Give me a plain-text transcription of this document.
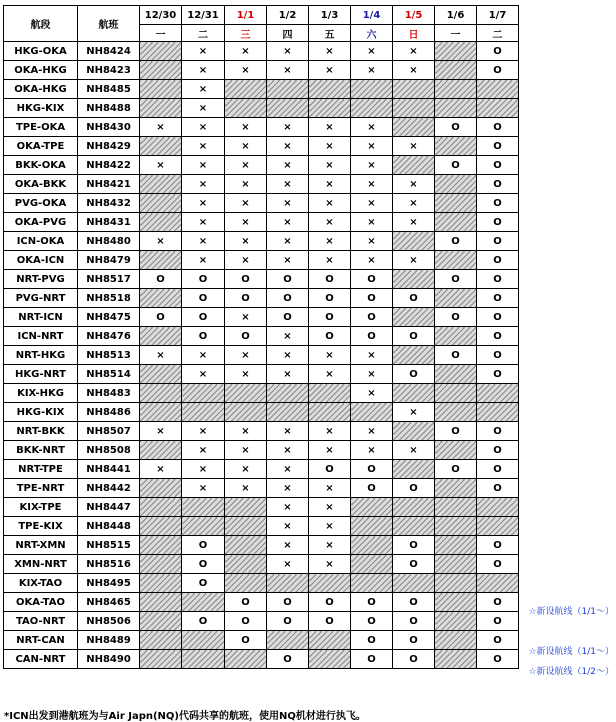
航段	航班	12/30	12/31	1/1	1/2	1/3	1/4	1/5	1/6	1/7
		一	二	三	四	五	六	日	一	二
HKG-OKA	NH8424		×	×	×	×	×	×		O
OKA-HKG	NH8423		×	×	×	×	×	×		O
OKA-HKG	NH8485		×							
HKG-KIX	NH8488		×							
TPE-OKA	NH8430	×	×	×	×	×	×		O	O
OKA-TPE	NH8429		×	×	×	×	×	×		O
BKK-OKA	NH8422	×	×	×	×	×	×		O	O
OKA-BKK	NH8421		×	×	×	×	×	×		O
PVG-OKA	NH8432		×	×	×	×	×	×		O
OKA-PVG	NH8431		×	×	×	×	×	×		O
ICN-OKA	NH8480	×	×	×	×	×	×		O	O
OKA-ICN	NH8479		×	×	×	×	×	×		O
NRT-PVG	NH8517	O	O	O	O	O	O		O	O
PVG-NRT	NH8518		O	O	O	O	O	O		O
NRT-ICN	NH8475	O	O	×	O	O	O		O	O
ICN-NRT	NH8476		O	O	×	O	O	O		O
NRT-HKG	NH8513	×	×	×	×	×	×		O	O
HKG-NRT	NH8514		×	×	×	×	×	O		O
KIX-HKG	NH8483						×			
HKG-KIX	NH8486							×		
NRT-BKK	NH8507	×	×	×	×	×	×		O	O
BKK-NRT	NH8508		×	×	×	×	×	×		O
NRT-TPE	NH8441	×	×	×	×	O	O		O	O
TPE-NRT	NH8442		×	×	×	×	O	O		O
KIX-TPE	NH8447				×	×				
TPE-KIX	NH8448				×	×				
NRT-XMN	NH8515		O		×	×		O		O
XMN-NRT	NH8516		O		×	×		O		O
KIX-TAO	NH8495		O							
OKA-TAO	NH8465			O	O	O	O	O		O
TAO-NRT	NH8506		O	O	O	O	O	O		O
NRT-CAN	NH8489			O			O	O		O
CAN-NRT	NH8490				O		O	O		O
☆新设航线（1/1～）
☆新设航线（1/1～）
☆新设航线（1/2～）
*ICN出发到港航班为与Air Japn(NQ)代码共享的航班，使用NQ机材进行执飞。
